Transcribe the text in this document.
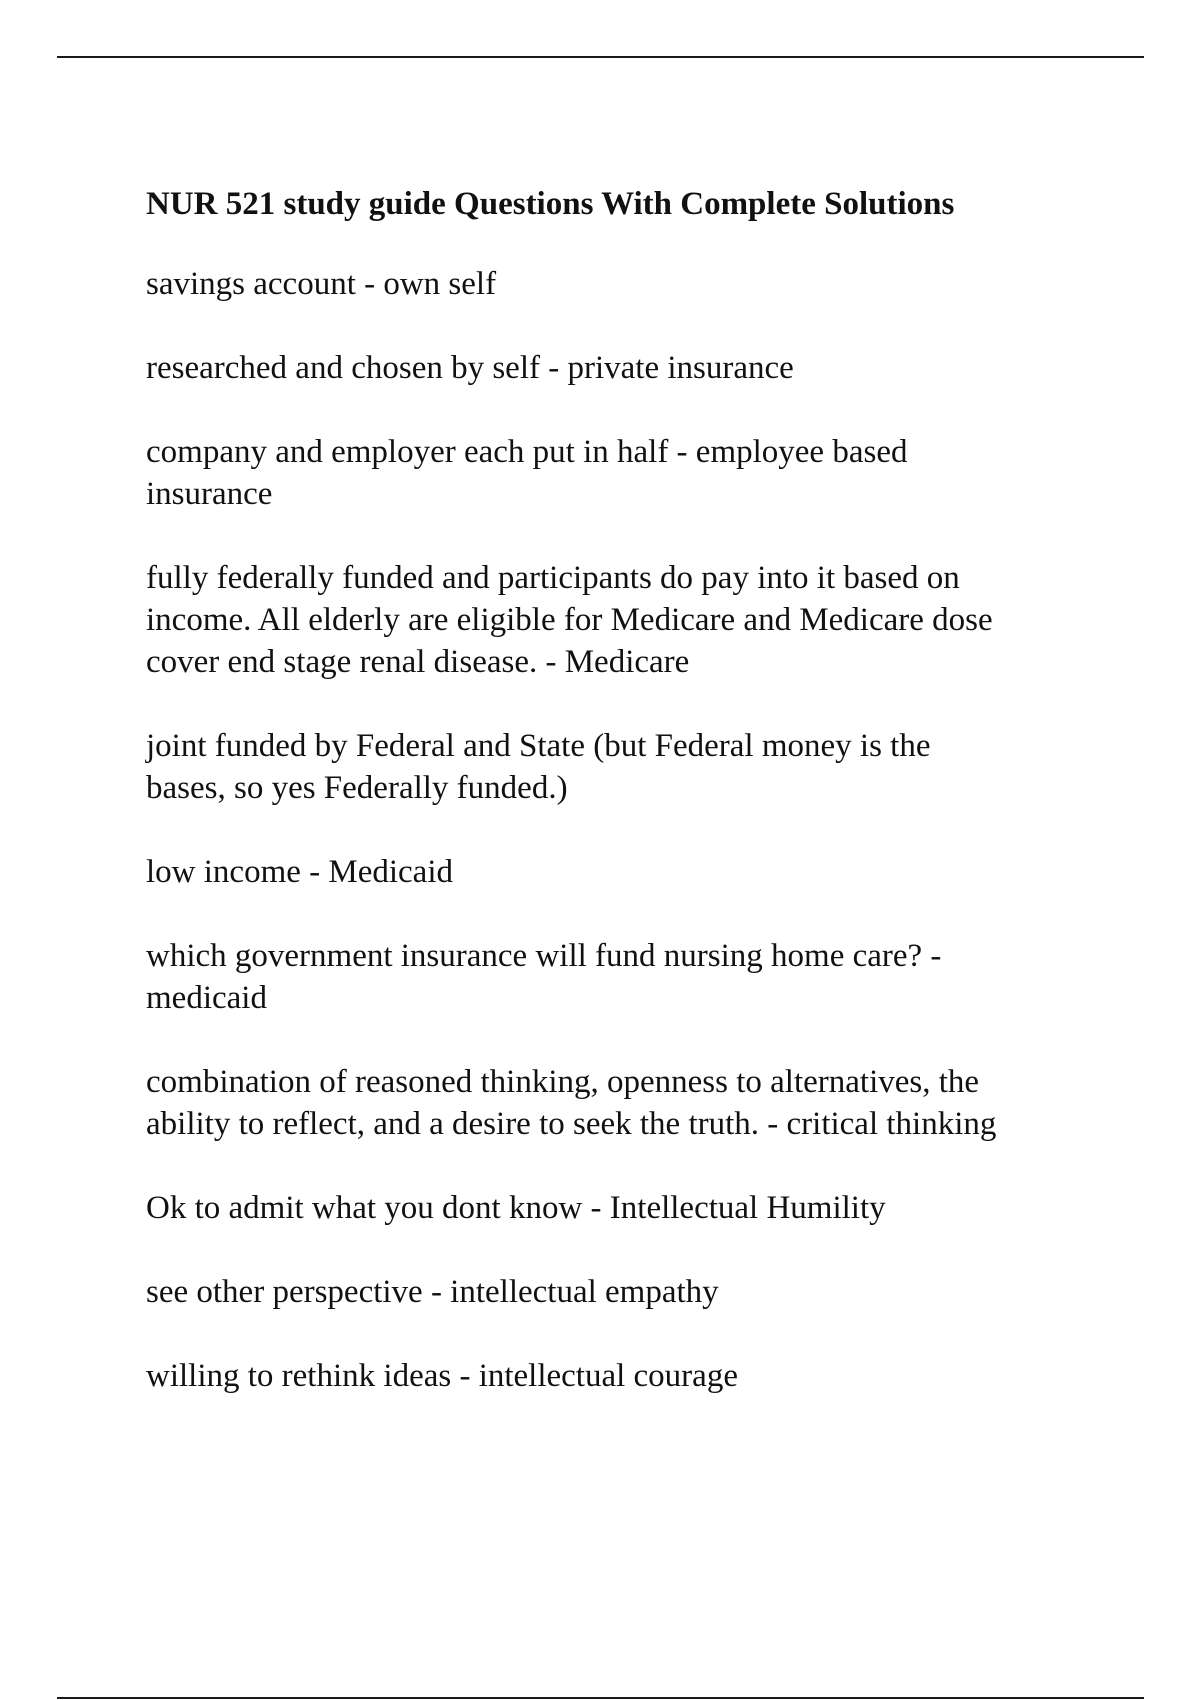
NUR 521 study guide Questions With Complete Solutions
savings account - own self
researched and chosen by self - private insurance
company and employer each put in half - employee based
insurance
fully federally funded and participants do pay into it based on
income. All elderly are eligible for Medicare and Medicare dose
cover end stage renal disease. - Medicare
joint funded by Federal and State (but Federal money is the
bases, so yes Federally funded.)
low income - Medicaid
which government insurance will fund nursing home care? -
medicaid
combination of reasoned thinking, openness to alternatives, the
ability to reflect, and a desire to seek the truth. - critical thinking
Ok to admit what you dont know - Intellectual Humility
see other perspective - intellectual empathy
willing to rethink ideas - intellectual courage
